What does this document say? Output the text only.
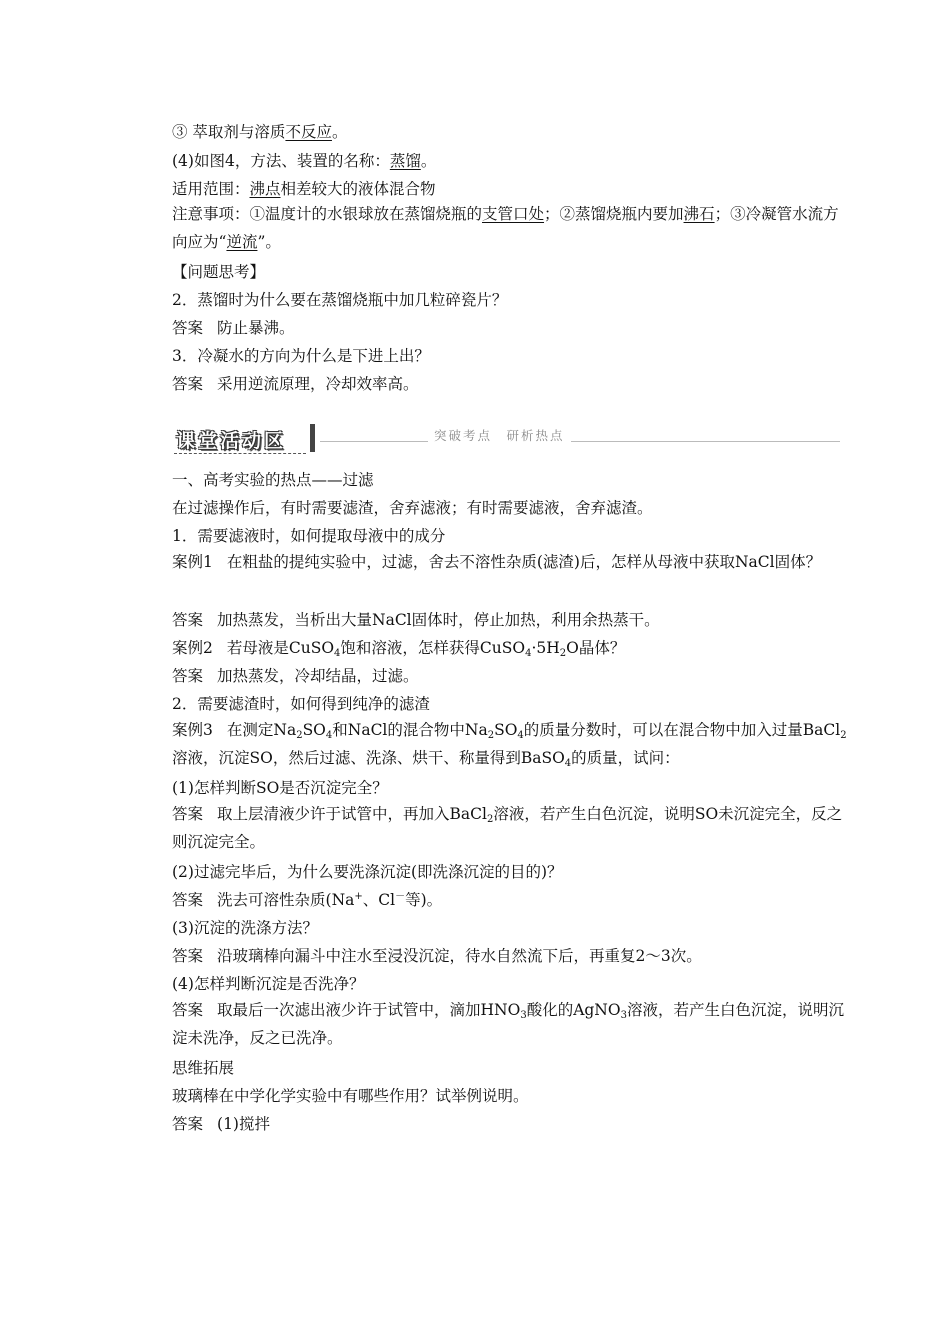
③ 萃取剂与溶质不反应。
(4)如图4，方法、装置的名称：蒸馏。
适用范围：沸点相差较大的液体混合物
注意事项：①温度计的水银球放在蒸馏烧瓶的支管口处；②蒸馏烧瓶内要加沸石；③冷凝管水流方向应为“逆流”。
【问题思考】
2．蒸馏时为什么要在蒸馏烧瓶中加几粒碎瓷片？
答案 防止暴沸。
3．冷凝水的方向为什么是下进上出？
答案 采用逆流原理，冷却效率高。
课堂活动区	突破考点　研析热点
一、高考实验的热点——过滤
在过滤操作后，有时需要滤渣，舍弃滤液；有时需要滤液，舍弃滤渣。
1．需要滤液时，如何提取母液中的成分
案例1 在粗盐的提纯实验中，过滤，舍去不溶性杂质(滤渣)后，怎样从母液中获取NaCl固体？
答案 加热蒸发，当析出大量NaCl固体时，停止加热，利用余热蒸干。
案例2 若母液是CuSO$_4$饱和溶液，怎样获得$CuSO_4\cdot 5H_2O$晶体？
答案 加热蒸发，冷却结晶，过滤。
2．需要滤渣时，如何得到纯净的滤渣
案例3 在测定$Na_2SO_4$和NaCl的混合物中$Na_2SO_4$的质量分数时，可以在混合物中加入过量BaCl$_2$溶液，沉淀SO，然后过滤、洗涤、烘干、称量得到BaSO$_4$的质量，试问：
(1)怎样判断SO是否沉淀完全？
答案 取上层清液少许于试管中，再加入BaCl$_2$溶液，若产生白色沉淀，说明SO未沉淀完全，反之则沉淀完全。
(2)过滤完毕后，为什么要洗涤沉淀(即洗涤沉淀的目的)？
答案 洗去可溶性杂质(Na+、Cl－等)。
(3)沉淀的洗涤方法？
答案 沿玻璃棒向漏斗中注水至浸没沉淀，待水自然流下后，再重复2～3次。
(4)怎样判断沉淀是否洗净？
答案 取最后一次滤出液少许于试管中，滴加$HNO_3$酸化的AgNO$_3$溶液，若产生白色沉淀，说明沉淀未洗净，反之已洗净。
思维拓展
玻璃棒在中学化学实验中有哪些作用？试举例说明。
答案 (1)搅拌
